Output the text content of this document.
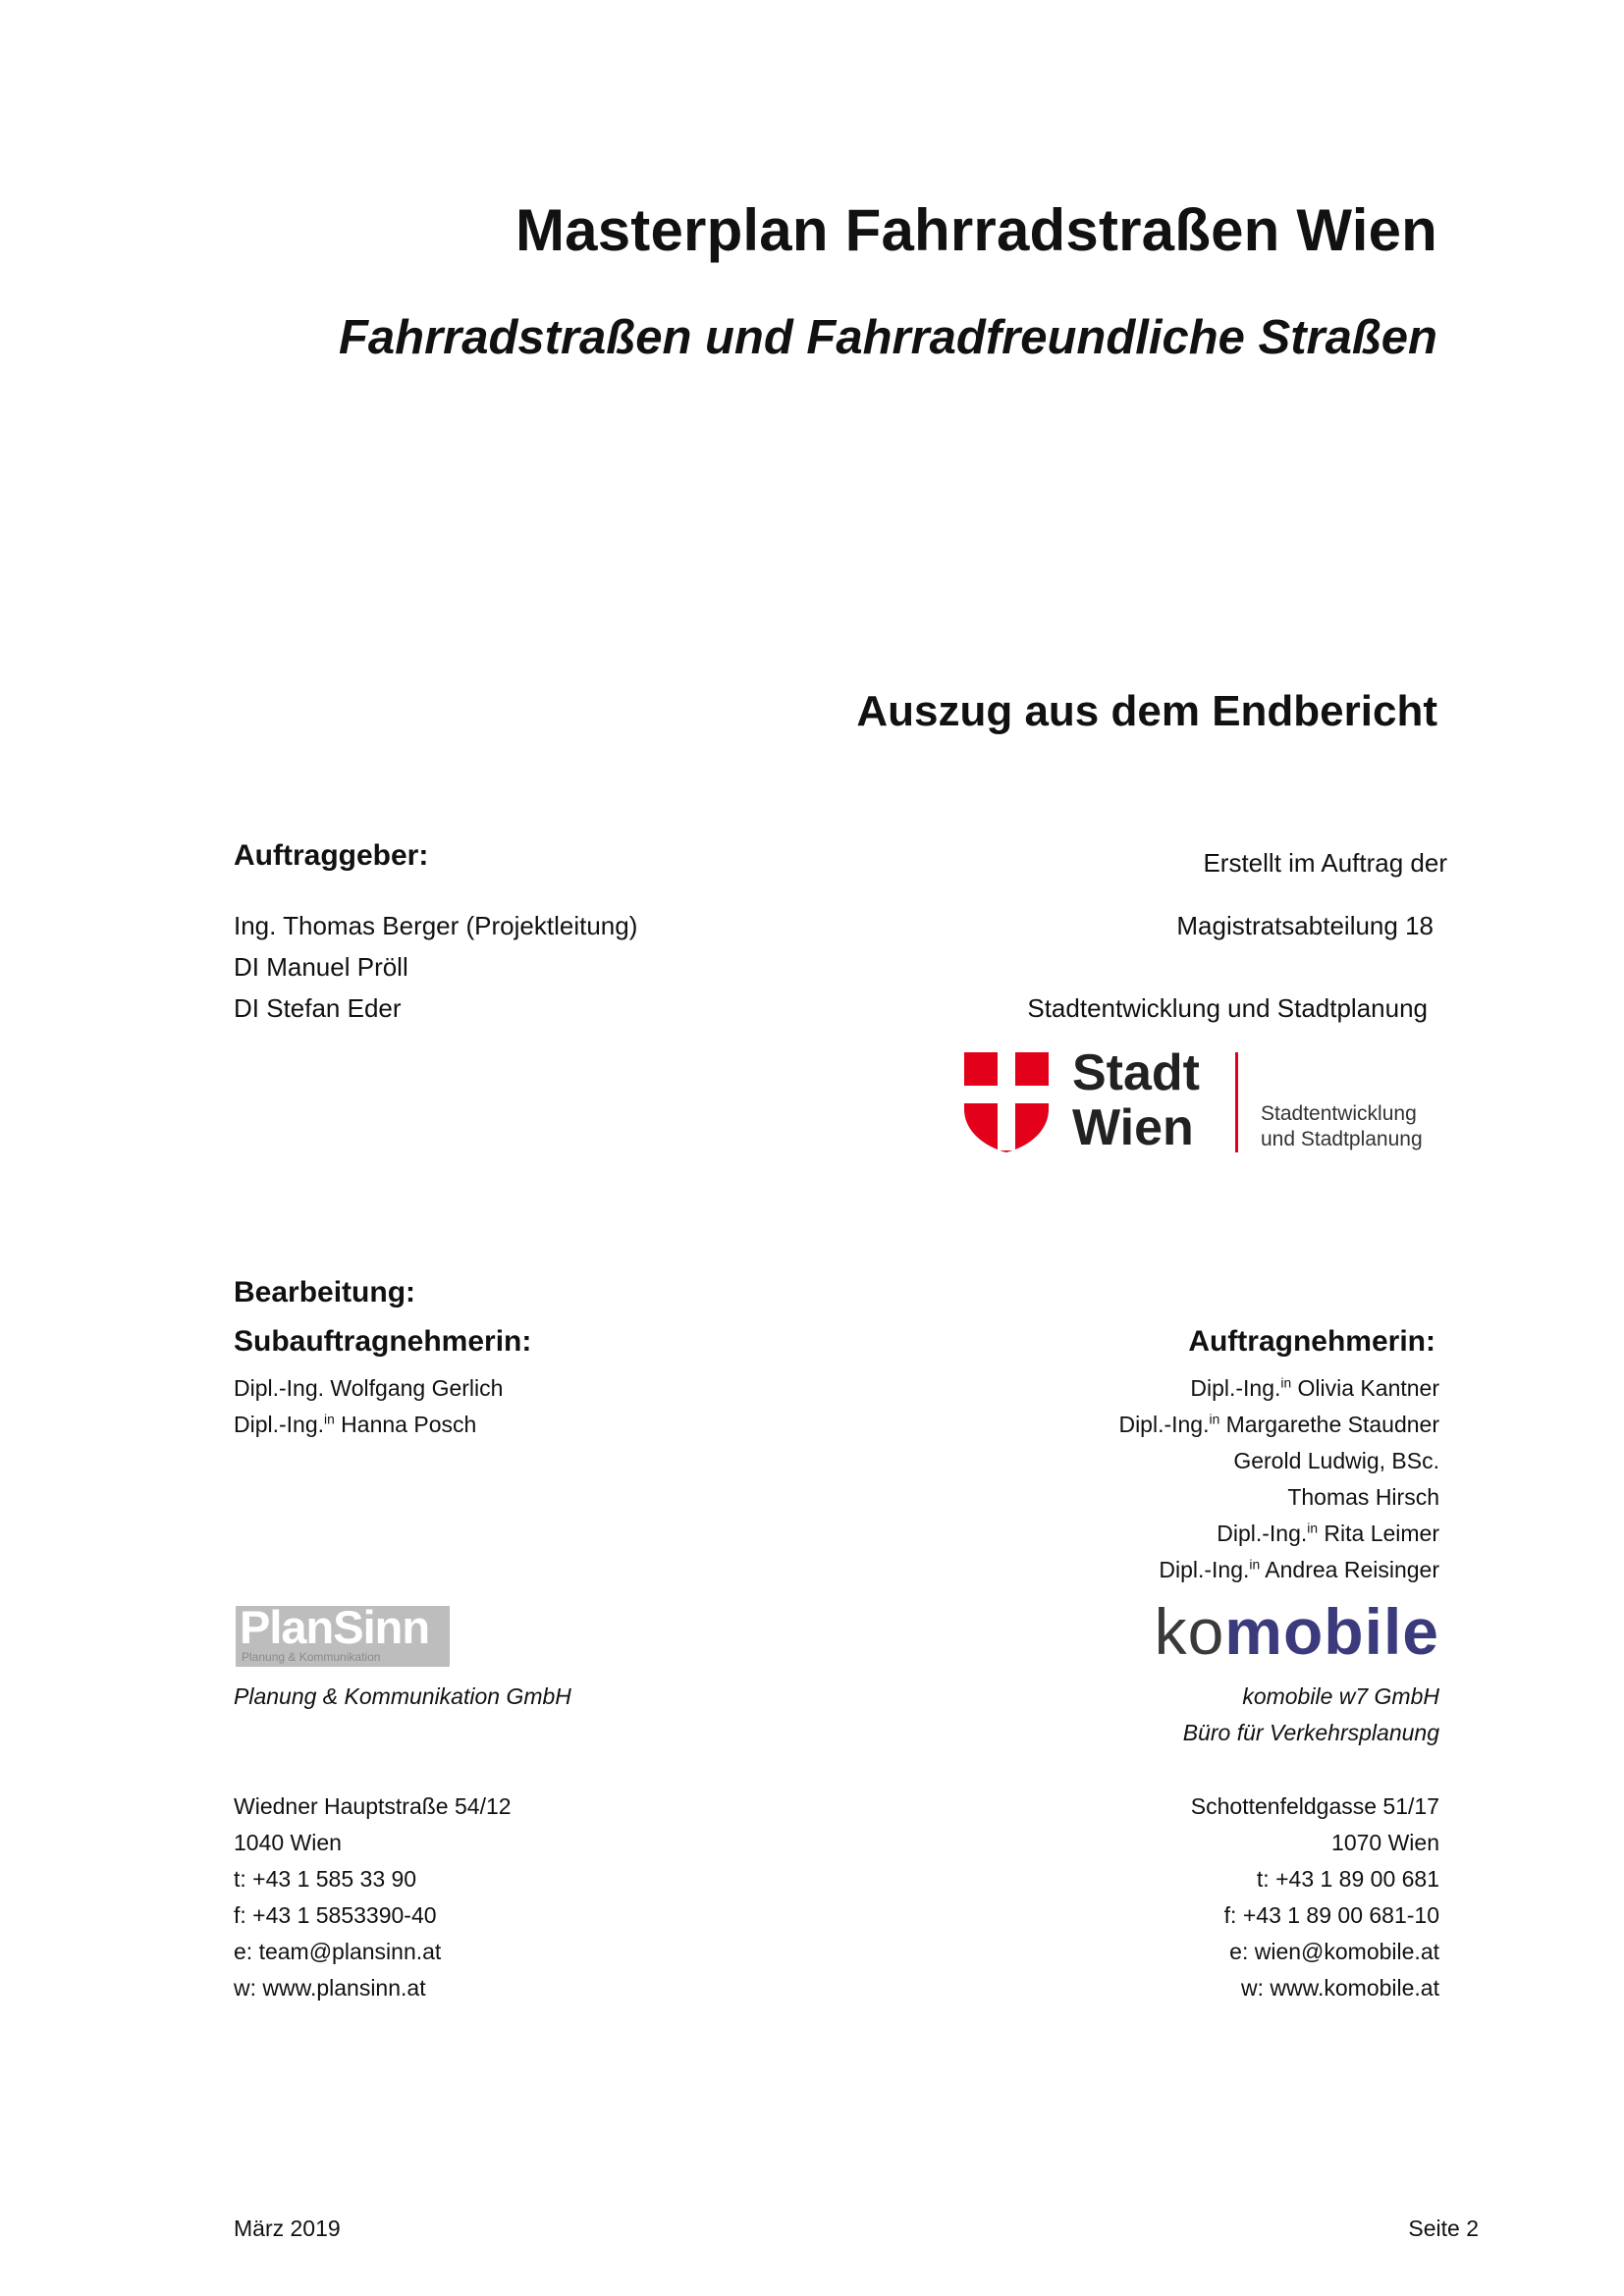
Masterplan Fahrradstraßen Wien
Fahrradstraßen und Fahrradfreundliche Straßen
Auszug aus dem Endbericht
Auftraggeber:
Ing. Thomas Berger (Projektleitung)
DI Manuel Pröll
DI Stefan Eder
Erstellt im Auftrag der
Magistratsabteilung 18
Stadtentwicklung und Stadtplanung
Stadt
Wien	Stadtentwicklung
und Stadtplanung
Bearbeitung:
Subauftragnehmerin:	Auftragnehmerin:
Dipl.-Ing. Wolfgang Gerlich
Dipl.-Ing.$^{in}$ Hanna Posch
Dipl.-Ing.$^{in}$ Olivia Kantner
Dipl.-Ing.$^{in}$ Margarethe Staudner
Gerold Ludwig, BSc.
Thomas Hirsch
Dipl.-Ing.$^{in}$ Rita Leimer
Dipl.-Ing.$^{in}$ Andrea Reisinger
PlanSinn
Planung & Kommunikation	komobile
Planung & Kommunikation GmbH	komobile w7 GmbH
Büro für Verkehrsplanung
Wiedner Hauptstraße 54/12
1040 Wien
t: +43 1 585 33 90
f: +43 1 5853390-40
e: team@plansinn.at
w: www.plansinn.at
Schottenfeldgasse 51/17
1070 Wien
t: +43 1 89 00 681
f: +43 1 89 00 681-10
e: wien@komobile.at
w: www.komobile.at
März 2019	Seite 2
